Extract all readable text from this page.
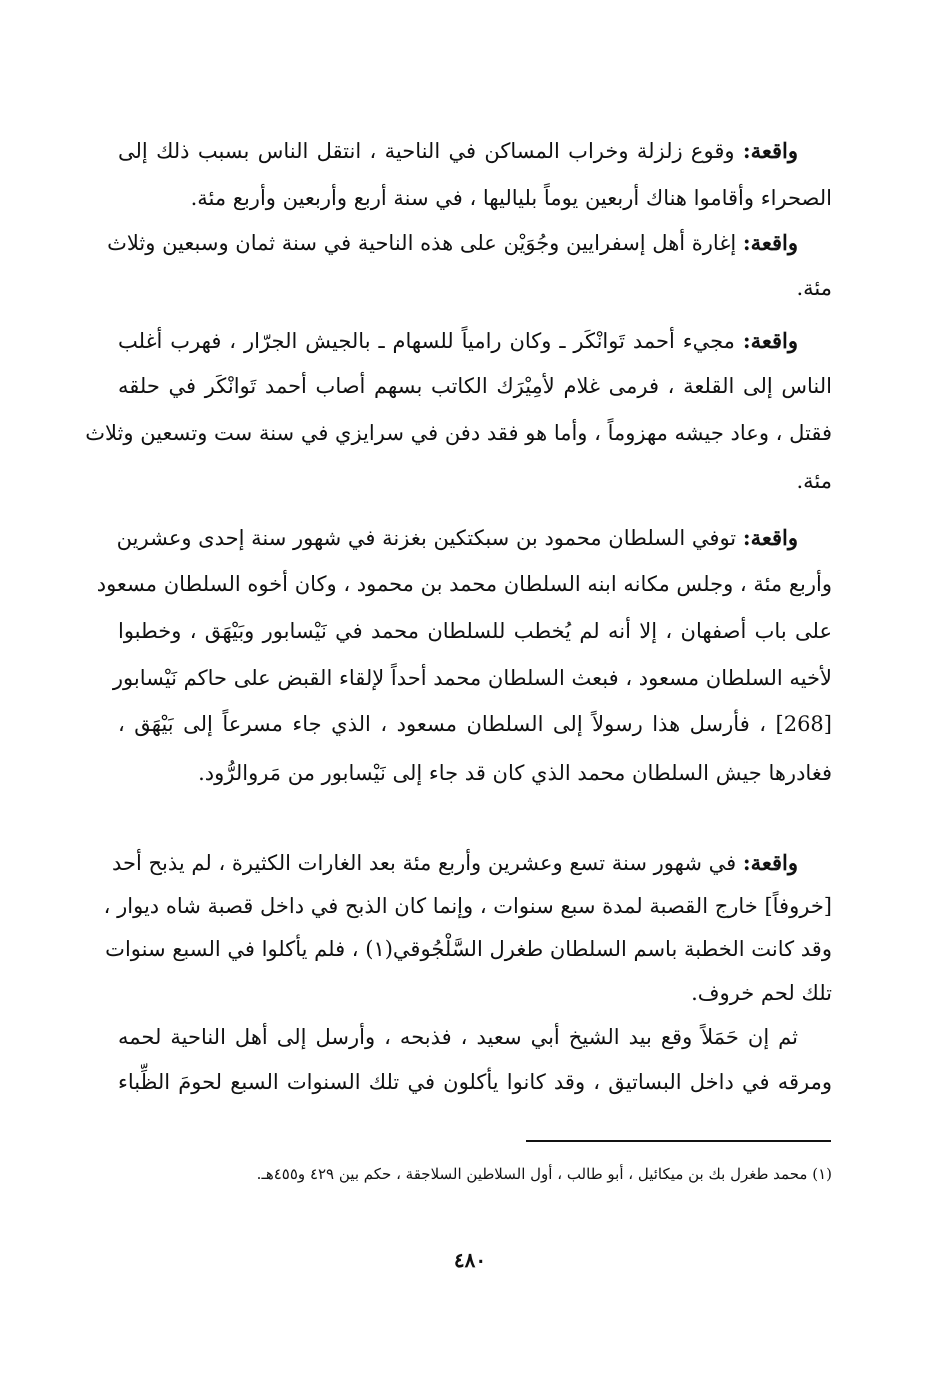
واقعة: وقوع زلزلة وخراب المساكن في الناحية ، انتقل الناس بسبب ذلك إلى
الصحراء وأقاموا هناك أربعين يوماً بلياليها ، في سنة أربع وأربعين وأربع مئة.
واقعة: إغارة أهل إسفرايين وجُوَيْن على هذه الناحية في سنة ثمان وسبعين وثلاث
مئة.
واقعة: مجيء أحمد تَوانْكَر ـ وكان رامياً للسهام ـ بالجيش الجرّار ، فهرب أغلب
الناس إلى القلعة ، فرمى غلام لأمِيْرَك الكاتب بسهم أصاب أحمد تَوانْكَر في حلقه
فقتل ، وعاد جيشه مهزوماً ، وأما هو فقد دفن في سرايزي في سنة ست وتسعين وثلاث
مئة.
واقعة: توفي السلطان محمود بن سبكتكين بغزنة في شهور سنة إحدى وعشرين
وأربع مئة ، وجلس مكانه ابنه السلطان محمد بن محمود ، وكان أخوه السلطان مسعود
على باب أصفهان ، إلا أنه لم يُخطب للسلطان محمد في نَيْسابور وبَيْهَق ، وخطبوا
لأخيه السلطان مسعود ، فبعث السلطان محمد أحداً لإلقاء القبض على حاكم نَيْسابور
[268] ، فأرسل هذا رسولاً إلى السلطان مسعود ، الذي جاء مسرعاً إلى بَيْهَق ،
فغادرها جيش السلطان محمد الذي كان قد جاء إلى نَيْسابور من مَروالرُّود.
واقعة: في شهور سنة تسع وعشرين وأربع مئة بعد الغارات الكثيرة ، لم يذبح أحد
[خروفاً] خارج القصبة لمدة سبع سنوات ، وإنما كان الذبح في داخل قصبة شاه ديوار ،
وقد كانت الخطبة باسم السلطان طغرل السَّلْجُوقي(١) ، فلم يأكلوا في السبع سنوات
تلك لحم خروف.
ثم إن حَمَلاً وقع بيد الشيخ أبي سعيد ، فذبحه ، وأرسل إلى أهل الناحية لحمه
ومرقه في داخل البساتيق ، وقد كانوا يأكلون في تلك السنوات السبع لحومَ الظِّباء
(١) محمد طغرل بك بن ميكائيل ، أبو طالب ، أول السلاطين السلاجقة ، حكم بين ٤٢٩ و٤٥٥هـ.
٤٨٠
